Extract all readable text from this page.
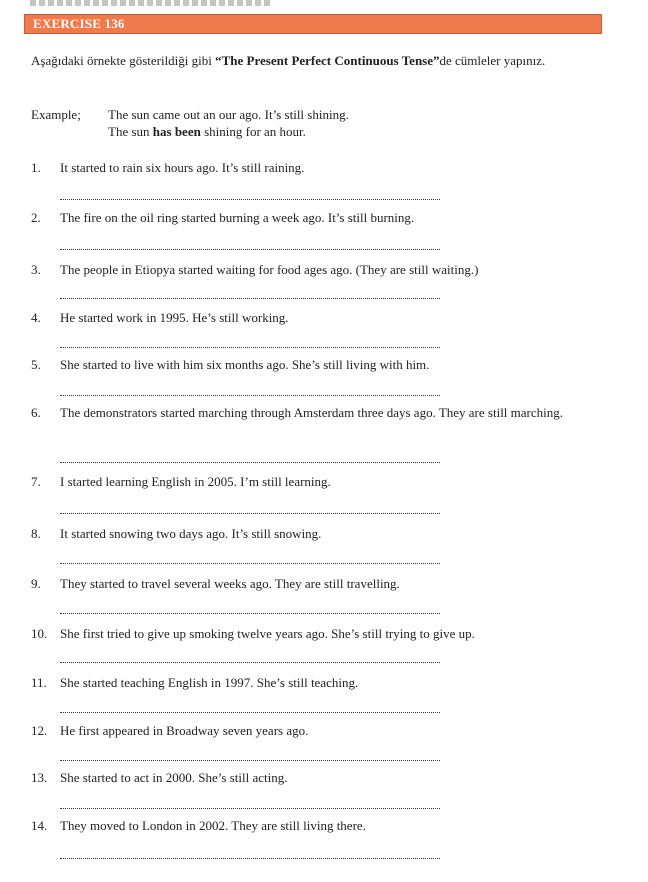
EXERCISE 136
Aşağıdaki örnekte gösterildiği gibi “The Present Perfect Continuous Tense”de cümleler yapınız.
Example; The sun came out an our ago. It’s still shining.
The sun has been shining for an hour.
1.	It started to rain six hours ago. It’s still raining.
2.	The fire on the oil ring started burning a week ago. It’s still burning.
3.	The people in Etiopya started waiting for food ages ago. (They are still waiting.)
4.	He started work in 1995. He’s still working.
5.	She started to live with him six months ago. She’s still living with him.
6.	The demonstrators started marching through Amsterdam three days ago. They are still marching.
7.	I started learning English in 2005. I’m still learning.
8.	It started snowing two days ago. It’s still snowing.
9.	They started to travel several weeks ago. They are still travelling.
10. She first tried to give up smoking twelve years ago. She’s still trying to give up.
11.	She started teaching English in 1997. She’s still teaching.
12. He first appeared in Broadway seven years ago.
13. She started to act in 2000. She’s still acting.
14. They moved to London in 2002. They are still living there.
